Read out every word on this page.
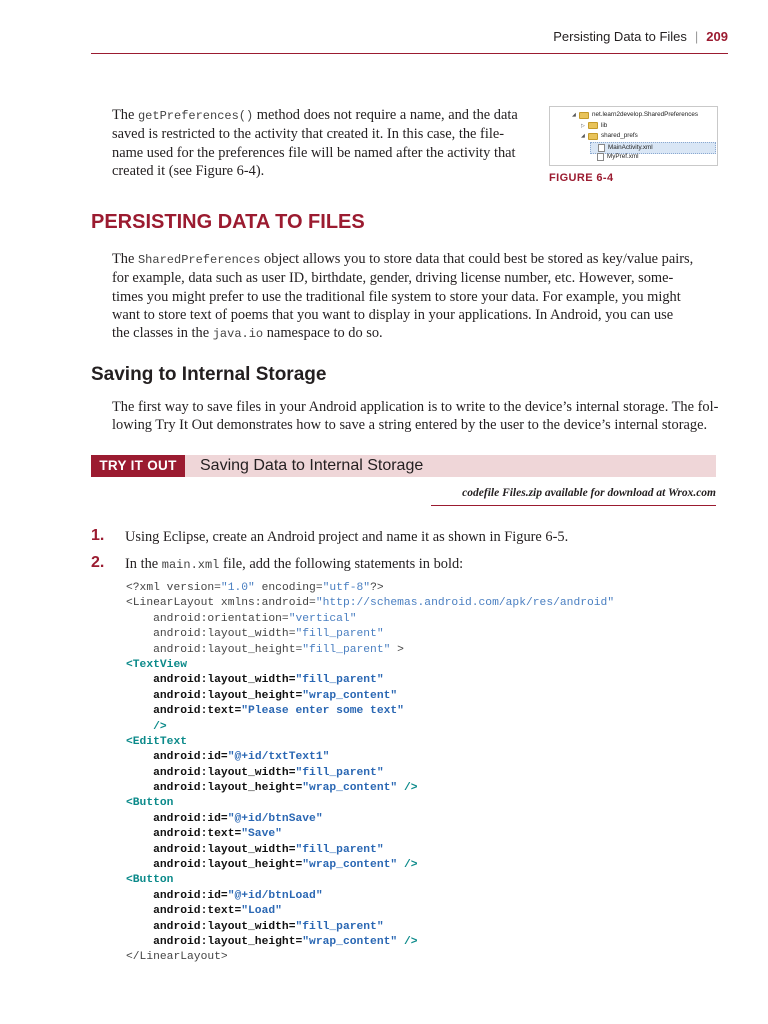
Persisting Data to Files | 209
The getPreferences() method does not require a name, and the data
saved is restricted to the activity that created it. In this case, the file-
name used for the preferences file will be named after the activity that
created it (see Figure 6-4).
◢	net.learn2develop.SharedPreferences
▷	lib
◢	shared_prefs
MainActivity.xml
MyPref.xml
FIGURE 6-4
PERSISTING DATA TO FILES
The SharedPreferences object allows you to store data that could best be stored as key/value pairs,
for example, data such as user ID, birthdate, gender, driving license number, etc. However, some-
times you might prefer to use the traditional file system to store your data. For example, you might
want to store text of poems that you want to display in your applications. In Android, you can use
the classes in the java.io namespace to do so.
Saving to Internal Storage
The first way to save files in your Android application is to write to the device’s internal storage. The fol-
lowing Try It Out demonstrates how to save a string entered by the user to the device’s internal storage.
TRY IT OUT	Saving Data to Internal Storage
codefile Files.zip available for download at Wrox.com
1. Using Eclipse, create an Android project and name it as shown in Figure 6-5.
2. In the main.xml file, add the following statements in bold:
<?xml version="1.0" encoding="utf-8"?>
<LinearLayout xmlns:android="http://schemas.android.com/apk/res/android"
android:orientation="vertical"
android:layout_width="fill_parent"
android:layout_height="fill_parent" >
<TextView
android:layout_width="fill_parent"
android:layout_height="wrap_content"
android:text="Please enter some text"
/>
<EditText
android:id="@+id/txtText1"
android:layout_width="fill_parent"
android:layout_height="wrap_content" />
<Button
android:id="@+id/btnSave"
android:text="Save"
android:layout_width="fill_parent"
android:layout_height="wrap_content" />
<Button
android:id="@+id/btnLoad"
android:text="Load"
android:layout_width="fill_parent"
android:layout_height="wrap_content" />
</LinearLayout>
